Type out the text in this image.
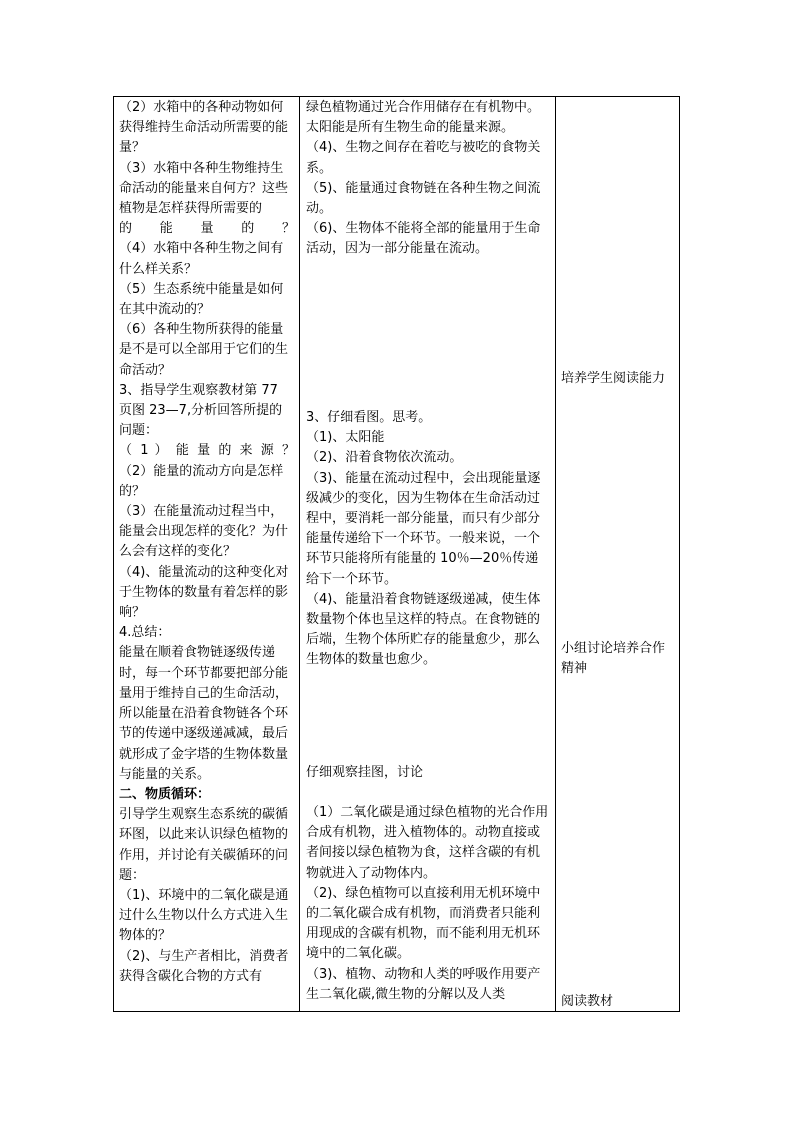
（2）水箱中的各种动物如何获得维持生命活动所需要的能量？

（3）水箱中各种生物维持生命活动的能量来自何方？这些植物是怎样获得所需要的

的　　能　　量　　的　　？

（4）水箱中各种生物之间有什么样关系？

（5）生态系统中能量是如何在其中流动的？

（6）各种生物所获得的能量是不是可以全部用于它们的生命活动？

3、指导学生观察教材第 77 页图 23—7,分析回答所提的问题：

（ 1 ） 能 量 的 来 源 ？

（2）能量的流动方向是怎样的？

（3）在能量流动过程当中，能量会出现怎样的变化？为什么会有这样的变化？

（4)、能量流动的这种变化对于生物体的数量有着怎样的影响？

4.总结：

能量在顺着食物链逐级传递时，每一个环节都要把部分能量用于维持自己的生命活动，所以能量在沿着食物链各个环节的传递中逐级递减减，最后就形成了金字塔的生物体数量与能量的关系。

二、物质循环：

引导学生观察生态系统的碳循环图，以此来认识绿色植物的作用，并讨论有关碳循环的问题：

（1)、环境中的二氧化碳是通过什么生物以什么方式进入生物体的？

（2)、与生产者相比，消费者获得含碳化合物的方式有

绿色植物通过光合作用储存在有机物中。太阳能是所有生物生命的能量来源。

（4)、生物之间存在着吃与被吃的食物关系。

（5)、能量通过食物链在各种生物之间流动。

（6)、生物体不能将全部的能量用于生命活动，因为一部分能量在流动。

3、仔细看图。思考。

（1)、太阳能

（2)、沿着食物依次流动。

（3)、能量在流动过程中，会出现能量逐级减少的变化，因为生物体在生命活动过程中，要消耗一部分能量，而只有少部分能量传递给下一个环节。一般来说，一个环节只能将所有能量的 10％—20％传递给下一个环节。

（4)、能量沿着食物链逐级递减，使生体数量物个体也呈这样的特点。在食物链的后端，生物个体所贮存的能量愈少，那么生物体的数量也愈少。

仔细观察挂图，讨论

（1）二氧化碳是通过绿色植物的光合作用合成有机物，进入植物体的。动物直接或者间接以绿色植物为食，这样含碳的有机物就进入了动物体内。

（2)、绿色植物可以直接利用无机环境中的二氧化碳合成有机物，而消费者只能利用现成的含碳有机物，而不能利用无机环境中的二氧化碳。

（3)、植物、动物和人类的呼吸作用要产生二氧化碳,微生物的分解以及人类

培养学生阅读能力
小组讨论培养合作精神
阅读教材
